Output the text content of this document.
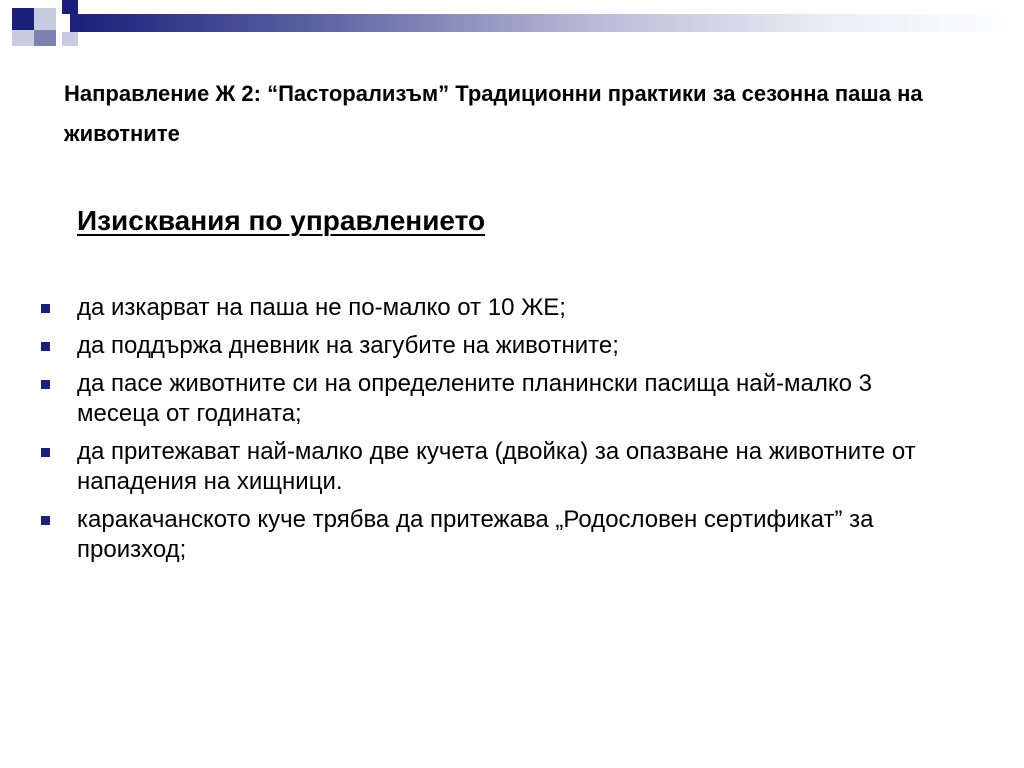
Направление Ж 2: “Пасторализъм” Традиционни практики за сезонна паша на животните
Изисквания по управлението
да изкарват на паша не по-малко от 10 ЖЕ;
да поддържа дневник на загубите на животните;
да пасе животните си на определените планински пасища най-малко 3 месеца от годината;
да притежават най-малко две кучета (двойка) за опазване на животните от нападения на хищници.
каракачанското куче трябва да притежава „Родословен сертификат” за произход;
